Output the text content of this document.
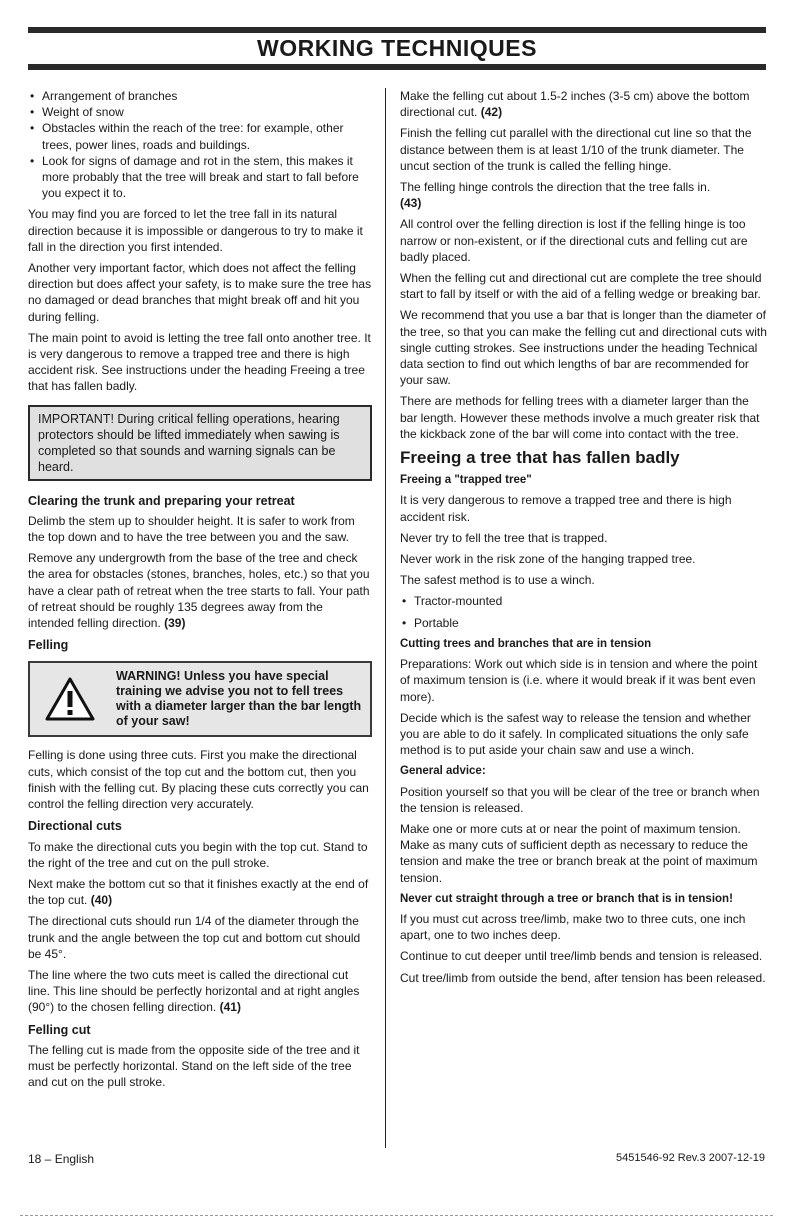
WORKING TECHNIQUES
• Arrangement of branches
• Weight of snow
• Obstacles within the reach of the tree: for example, other trees, power lines, roads and buildings.
• Look for signs of damage and rot in the stem, this makes it more probably that the tree will break and start to fall before you expect it to.

You may find you are forced to let the tree fall in its natural direction because it is impossible or dangerous to try to make it fall in the direction you first intended.

Another very important factor, which does not affect the felling direction but does affect your safety, is to make sure the tree has no damaged or dead branches that might break off and hit you during felling.

The main point to avoid is letting the tree fall onto another tree. It is very dangerous to remove a trapped tree and there is high accident risk. See instructions under the heading Freeing a tree that has fallen badly.

IMPORTANT! During critical felling operations, hearing protectors should be lifted immediately when sawing is completed so that sounds and warning signals can be heard.
Clearing the trunk and preparing your retreat

Delimb the stem up to shoulder height. It is safer to work from the top down and to have the tree between you and the saw.

Remove any undergrowth from the base of the tree and check the area for obstacles (stones, branches, holes, etc.) so that you have a clear path of retreat when the tree starts to fall. Your path of retreat should be roughly 135 degrees away from the intended felling direction. (39)

Felling
WARNING! Unless you have special training we advise you not to fell trees with a diameter larger than the bar length of your saw!

Felling is done using three cuts. First you make the directional cuts, which consist of the top cut and the bottom cut, then you finish with the felling cut. By placing these cuts correctly you can control the felling direction very accurately.

Directional cuts

To make the directional cuts you begin with the top cut. Stand to the right of the tree and cut on the pull stroke.

Next make the bottom cut so that it finishes exactly at the end of the top cut. (40)

The directional cuts should run 1/4 of the diameter through the trunk and the angle between the top cut and bottom cut should be 45°.

The line where the two cuts meet is called the directional cut line. This line should be perfectly horizontal and at right angles (90°) to the chosen felling direction. (41)

Felling cut

The felling cut is made from the opposite side of the tree and it must be perfectly horizontal. Stand on the left side of the tree and cut on the pull stroke.

Make the felling cut about 1.5-2 inches (3-5 cm) above the bottom directional cut. (42)

Finish the felling cut parallel with the directional cut line so that the distance between them is at least 1/10 of the trunk diameter. The uncut section of the trunk is called the felling hinge.

The felling hinge controls the direction that the tree falls in.
(43)

All control over the felling direction is lost if the felling hinge is too narrow or non-existent, or if the directional cuts and felling cut are badly placed.

When the felling cut and directional cut are complete the tree should start to fall by itself or with the aid of a felling wedge or breaking bar.

We recommend that you use a bar that is longer than the diameter of the tree, so that you can make the felling cut and directional cuts with single cutting strokes. See instructions under the heading Technical data section to find out which lengths of bar are recommended for your saw.

There are methods for felling trees with a diameter larger than the bar length. However these methods involve a much greater risk that the kickback zone of the bar will come into contact with the tree.

Freeing a tree that has fallen badly
Freeing a "trapped tree"

It is very dangerous to remove a trapped tree and there is high accident risk.

Never try to fell the tree that is trapped.

Never work in the risk zone of the hanging trapped tree.

The safest method is to use a winch.

• Tractor-mounted
• Portable
Cutting trees and branches that are in tension

Preparations: Work out which side is in tension and where the point of maximum tension is (i.e. where it would break if it was bent even more).

Decide which is the safest way to release the tension and whether you are able to do it safely. In complicated situations the only safe method is to put aside your chain saw and use a winch.

General advice:

Position yourself so that you will be clear of the tree or branch when the tension is released.

Make one or more cuts at or near the point of maximum tension. Make as many cuts of sufficient depth as necessary to reduce the tension and make the tree or branch break at the point of maximum tension.

Never cut straight through a tree or branch that is in tension!

If you must cut across tree/limb, make two to three cuts, one inch apart, one to two inches deep.

Continue to cut deeper until tree/limb bends and tension is released.

Cut tree/limb from outside the bend, after tension has been released.

18 – English	5451546-92 Rev.3 2007-12-19
